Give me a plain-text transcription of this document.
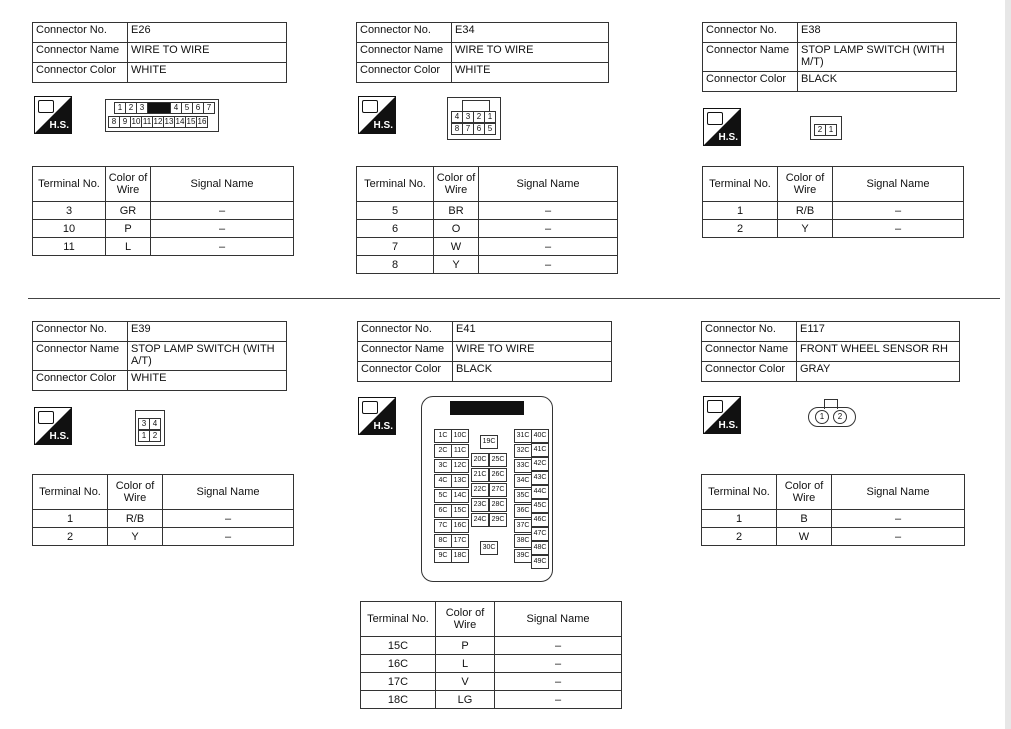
Connector No.	E26
Connector Name	WIRE TO WIRE
Connector Color	WHITE
H.S.
1 2 3	4 5 6 7
8 9 10 11 12 13 14 15 16
Terminal No.	Color of Wire	Signal Name
3	GR	–
10	P	–
11	L	–
Connector No.	E34
Connector Name	WIRE TO WIRE
Connector Color	WHITE
H.S.
4 3 2 1
8 7 6 5
Terminal No.	Color of Wire	Signal Name
5	BR	–
6	O	–
7	W	–
8	Y	–
Connector No.	E38
Connector Name	STOP LAMP SWITCH (WITH M/T)
Connector Color	BLACK
H.S.
2 1
Terminal No.	Color of Wire	Signal Name
1	R/B	–
2	Y	–
Connector No.	E39
Connector Name	STOP LAMP SWITCH (WITH A/T)
Connector Color	WHITE
H.S.
3 4
1 2
Terminal No.	Color of Wire	Signal Name
1	R/B	–
2	Y	–
Connector No.	E41
Connector Name	WIRE TO WIRE
Connector Color	BLACK
H.S.
1C
2C
3C
4C
5C
6C
7C
8C
9C
10C
11C
12C
13C
14C
15C
16C
17C
18C
19C
20C
21C
22C
23C
24C
25C
26C
27C
28C
29C
30C
31C
32C
33C
34C
35C
36C
37C
38C
39C
40C
41C
42C
43C
44C
45C
46C
47C
48C
49C
Terminal No.	Color of Wire	Signal Name
15C	P	–
16C	L	–
17C	V	–
18C	LG	–
Connector No.	E117
Connector Name	FRONT WHEEL SENSOR RH
Connector Color	GRAY
H.S.
1	2
Terminal No.	Color of Wire	Signal Name
1	B	–
2	W	–
